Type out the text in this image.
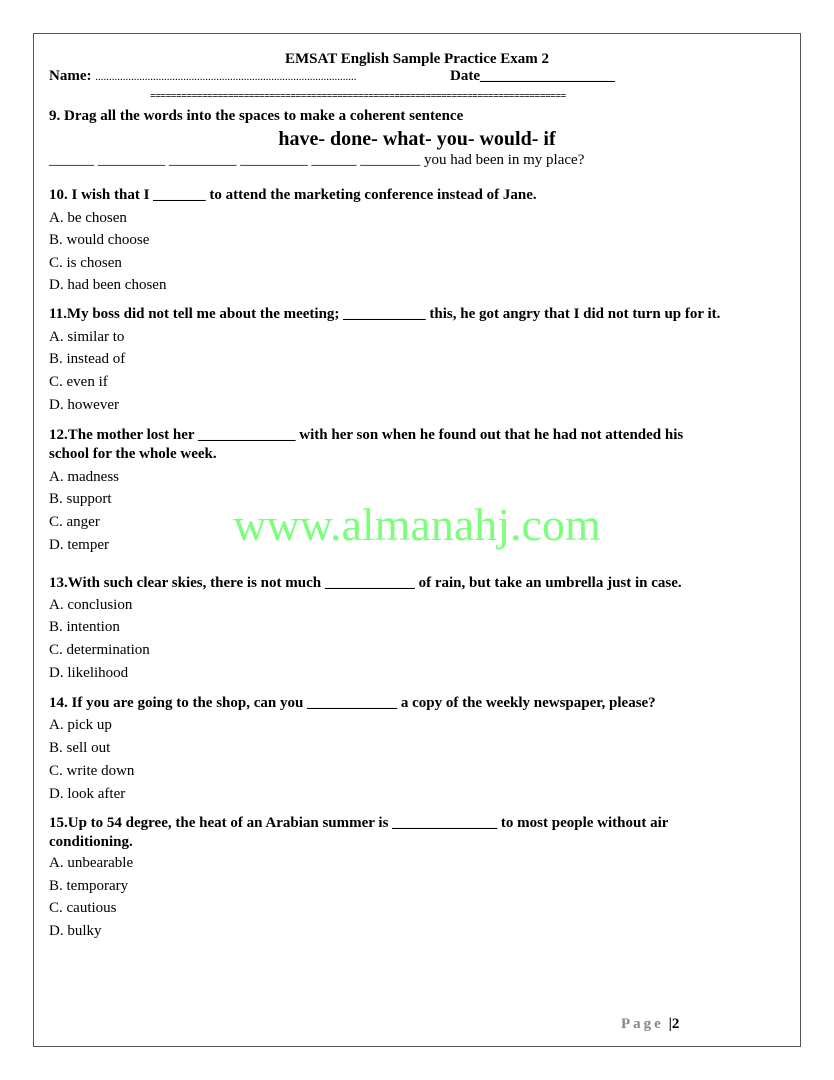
EMSAT English Sample Practice Exam 2
Name: ...............................................................................................	Date__________________
================================================================================
9. Drag all the words into the spaces to make a coherent sentence
have- done- what- you- would- if
______ _________ _________ _________ ______ ________ you had been in my place?
10. I wish that I _______ to attend the marketing conference instead of Jane.
A. be chosen
B. would choose
C. is chosen
D. had been chosen
11.My boss did not tell me about the meeting; ___________ this, he got angry that I did not turn up for it.
A. similar to
B. instead of
C. even if
D. however
12.The mother lost her _____________ with her son when he found out that he had not attended his
school for the whole week.
A. madness
B. support
C. anger
D. temper	www.almanahj.com
13.With such clear skies, there is not much ____________ of rain, but take an umbrella just in case.
A. conclusion
B. intention
C. determination
D. likelihood
14. If you are going to the shop, can you ____________ a copy of the weekly newspaper, please?
A. pick up
B. sell out
C. write down
D. look after
15.Up to 54 degree, the heat of an Arabian summer is ______________ to most people without air
conditioning.
A. unbearable
B. temporary
C. cautious
D. bulky
Page |2
